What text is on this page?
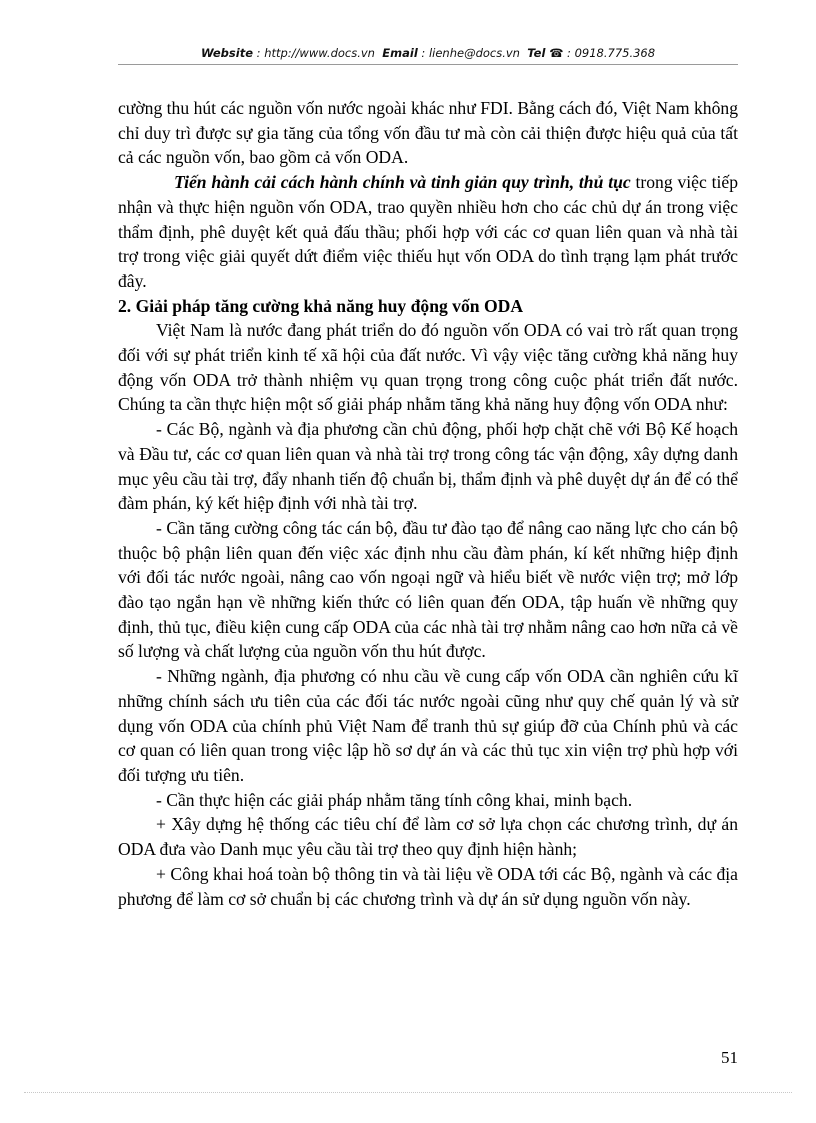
Website : http://www.docs.vn Email : lienhe@docs.vn Tel ☎ : 0918.775.368

cường thu hút các nguồn vốn nước ngoài khác như FDI. Bằng cách đó, Việt Nam không chỉ duy trì được sự gia tăng của tổng vốn đầu tư mà còn cải thiện được hiệu quả của tất cả các nguồn vốn, bao gồm cả vốn ODA.

Tiến hành cải cách hành chính và tinh giản quy trình, thủ tục trong việc tiếp nhận và thực hiện nguồn vốn ODA, trao quyền nhiều hơn cho các chủ dự án trong việc thẩm định, phê duyệt kết quả đấu thầu; phối hợp với các cơ quan liên quan và nhà tài trợ trong việc giải quyết dứt điểm việc thiếu hụt vốn ODA do tình trạng lạm phát trước đây.

2. Giải pháp tăng cường khả năng huy động vốn ODA

Việt Nam là nước đang phát triển do đó nguồn vốn ODA có vai trò rất quan trọng đối với sự phát triển kinh tế xã hội của đất nước. Vì vậy việc tăng cường khả năng huy động vốn ODA trở thành nhiệm vụ quan trọng trong công cuộc phát triển đất nước. Chúng ta cần thực hiện một số giải pháp nhằm tăng khả năng huy động vốn ODA như:

- Các Bộ, ngành và địa phương cần chủ động, phối hợp chặt chẽ với Bộ Kế hoạch và Đầu tư, các cơ quan liên quan và nhà tài trợ trong công tác vận động, xây dựng danh mục yêu cầu tài trợ, đẩy nhanh tiến độ chuẩn bị, thẩm định và phê duyệt dự án để có thể đàm phán, ký kết hiệp định với nhà tài trợ.

- Cần tăng cường công tác cán bộ, đầu tư đào tạo để nâng cao năng lực cho cán bộ thuộc bộ phận liên quan đến việc xác định nhu cầu đàm phán, kí kết những hiệp định với đối tác nước ngoài, nâng cao vốn ngoại ngữ và hiểu biết về nước viện trợ; mở lớp đào tạo ngắn hạn về những kiến thức có liên quan đến ODA, tập huấn về những quy định, thủ tục, điều kiện cung cấp ODA của các nhà tài trợ nhằm nâng cao hơn nữa cả về số lượng và chất lượng của nguồn vốn thu hút được.

- Những ngành, địa phương có nhu cầu về cung cấp vốn ODA cần nghiên cứu kĩ những chính sách ưu tiên của các đối tác nước ngoài cũng như quy chế quản lý và sử dụng vốn ODA của chính phủ Việt Nam để tranh thủ sự giúp đỡ của Chính phủ và các cơ quan có liên quan trong việc lập hồ sơ dự án và các thủ tục xin viện trợ phù hợp với đối tượng ưu tiên.

- Cần thực hiện các giải pháp nhằm tăng tính công khai, minh bạch.

+ Xây dựng hệ thống các tiêu chí để làm cơ sở lựa chọn các chương trình, dự án ODA đưa vào Danh mục yêu cầu tài trợ theo quy định hiện hành;

+ Công khai hoá toàn bộ thông tin và tài liệu về ODA tới các Bộ, ngành và các địa phương để làm cơ sở chuẩn bị các chương trình và dự án sử dụng nguồn vốn này.

51
